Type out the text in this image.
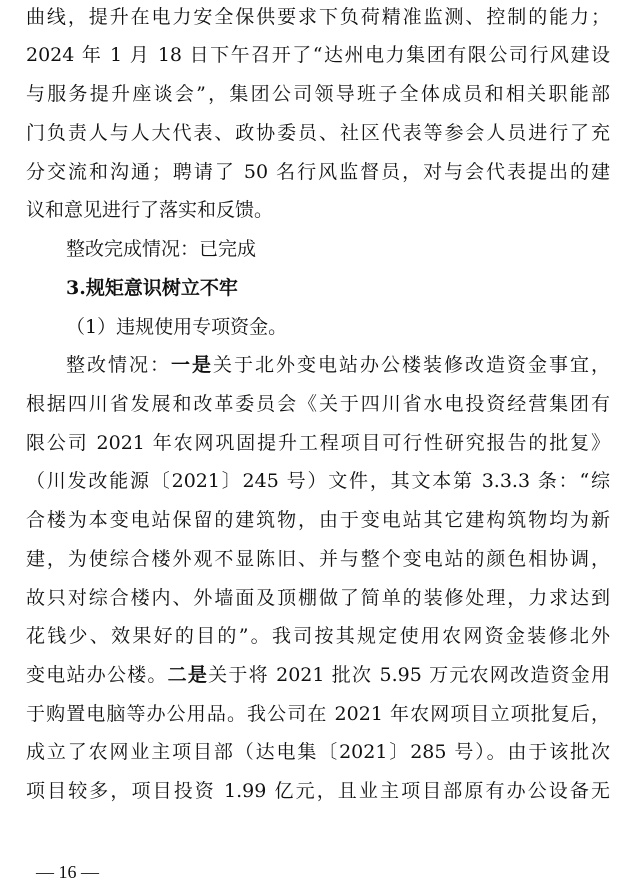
曲线，提升在电力安全保供要求下负荷精准监测、控制的能力；
2024 年 1 月 18 日下午召开了“达州电力集团有限公司行风建设
与服务提升座谈会”，集团公司领导班子全体成员和相关职能部
门负责人与人大代表、政协委员、社区代表等参会人员进行了充
分交流和沟通；聘请了 50 名行风监督员，对与会代表提出的建
议和意见进行了落实和反馈。
整改完成情况：已完成
3.规矩意识树立不牢
（1）违规使用专项资金。
整改情况：一是关于北外变电站办公楼装修改造资金事宜，
根据四川省发展和改革委员会《关于四川省水电投资经营集团有
限公司 2021 年农网巩固提升工程项目可行性研究报告的批复》
（川发改能源〔2021〕245 号）文件，其文本第 3.3.3 条：“综
合楼为本变电站保留的建筑物，由于变电站其它建构筑物均为新
建，为使综合楼外观不显陈旧、并与整个变电站的颜色相协调，
故只对综合楼内、外墙面及顶棚做了简单的装修处理，力求达到
花钱少、效果好的目的”。我司按其规定使用农网资金装修北外
变电站办公楼。二是关于将 2021 批次 5.95 万元农网改造资金用
于购置电脑等办公用品。我公司在 2021 年农网项目立项批复后，
成立了农网业主项目部（达电集〔2021〕285 号）。由于该批次
项目较多，项目投资 1.99 亿元，且业主项目部原有办公设备无
— 16 —
